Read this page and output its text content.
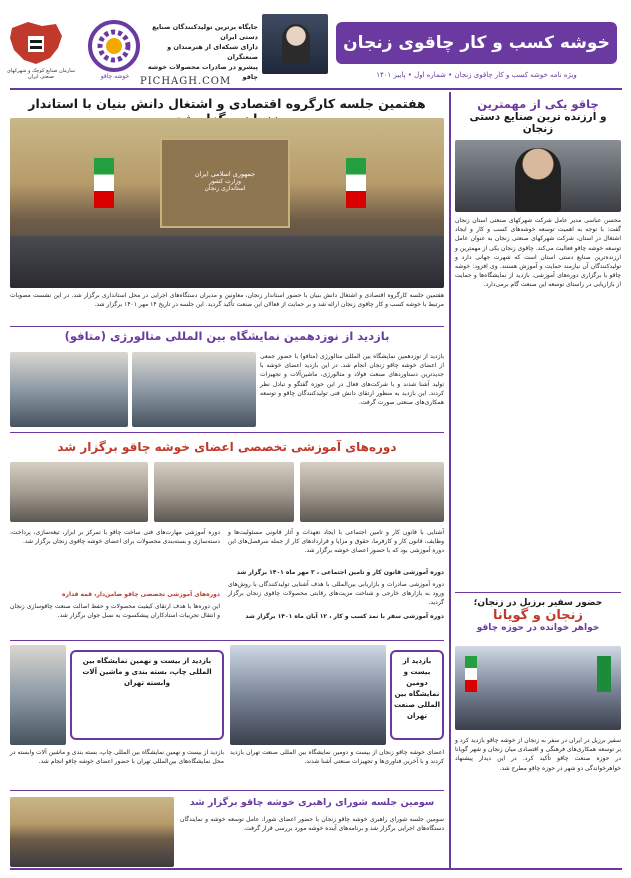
خوشه کسب و کار چاقوی زنجان
ویژه نامه خوشه کسب و کار چاقوی زنجان • شماره اول • پاییز ۱۴۰۱
جایگاه برترین تولیدکنندگان صنایع دستی ایران
دارای شبکه‌ای از هنرمندان و صنعتگران
پیشرو در صادرات محصولات خوشه چاقو
خوشه چاقو
سازمان صنایع کوچک و شهرکهای صنعتی ایران	PICHAGH.COM
هفتمین جلسه کارگروه اقتصادی و اشتغال دانش بنیان با استاندار
جمهوری اسلامی ایران
وزارت کشور
استانداری زنجان
هفتمین جلسه کارگروه اقتصادی و اشتغال دانش بنیان با حضور استاندار زنجان، معاونین و مدیران دستگاه‌های اجرایی در محل استانداری برگزار شد. در این نشست مصوبات مرتبط با خوشه کسب و کار چاقوی زنجان ارائه شد و بر حمایت از فعالان این صنعت تأکید گردید. این جلسه در تاریخ ۱۴ مهر ۱۴۰۱ برگزار شد.
بازدید از نوزدهمین نمایشگاه بین المللی متالورژی (متافو)
بازدید از نوزدهمین نمایشگاه بین المللی متالورژی (متافو) با حضور جمعی از اعضای خوشه چاقو زنجان انجام شد. در این بازدید اعضای خوشه با جدیدترین دستاوردهای صنعت فولاد و متالورژی، ماشین‌آلات و تجهیزات تولید آشنا شدند و با شرکت‌های فعال در این حوزه گفتگو و تبادل نظر کردند. این بازدید به منظور ارتقای دانش فنی تولیدکنندگان چاقو و توسعه همکاری‌های صنعتی صورت گرفت.
دوره‌های آموزشی تخصصی اعضای خوشه چاقو برگزار شد
آشنایی با قانون کار و تامین اجتماعی با ایجاد تعهدات و آثار قانونی مسئولیت‌ها و وظایف، قانون کار و کارفرما، حقوق و مزایا و قراردادهای کار از جمله سرفصل‌های این دوره آموزشی بود که با حضور اعضای خوشه برگزار شد.
دوره آموزشی قانون کار و تامین اجتماعی ، ۳ مهر ماه ۱۴۰۱ برگزار شد
دوره آموزشی صادرات و بازاریابی بین‌المللی با هدف آشنایی تولیدکنندگان با روش‌های ورود به بازارهای خارجی و شناخت مزیت‌های رقابتی محصولات چاقوی زنجان برگزار گردید.
دوره آموزشی سفر با نمد کسب و کار ، ۱۲ آبان ماه ۱۴۰۱ برگزار شد
دوره آموزشی مهارت‌های فنی ساخت چاقو با تمرکز بر ابزار، تیغه‌سازی، پرداخت، دسته‌سازی و بسته‌بندی محصولات برای اعضای خوشه چاقوی زنجان برگزار شد.
دوره‌های آموزشی تخصصی چاقو ضامن‌دار، قمه قداره
این دوره‌ها با هدف ارتقای کیفیت محصولات و حفظ اصالت صنعت چاقوسازی زنجان و انتقال تجربیات استادکاران پیشکسوت به نسل جوان برگزار شد.
بازدید از بیست و دومین نمایشگاه بین المللی صنعت تهران
اعضای خوشه چاقو زنجان از بیست و دومین نمایشگاه بین المللی صنعت تهران بازدید کردند و با آخرین فناوری‌ها و تجهیزات صنعتی آشنا شدند.
بازدید از بیست و نهمین نمایشگاه بین المللی چاپ، بسته بندی و ماشین آلات وابسته تهران
بازدید از بیست و نهمین نمایشگاه بین المللی چاپ، بسته بندی و ماشین آلات وابسته در محل نمایشگاه‌های بین‌المللی تهران با حضور اعضای خوشه چاقو انجام شد.
سومین جلسه شورای راهبری خوشه چاقو برگزار شد
سومین جلسه شورای راهبری خوشه چاقو زنجان با حضور اعضای شورا، عامل توسعه خوشه و نمایندگان دستگاه‌های اجرایی برگزار شد و برنامه‌های آینده خوشه مورد بررسی قرار گرفت.
چاقو یکی از مهمترین
و ارزنده ترین صنایع دستی زنجان
محسن عباسی مدیر عامل شرکت شهرکهای صنعتی استان زنجان گفت: با توجه به اهمیت توسعه خوشه‌های کسب و کار و ایجاد اشتغال در استان، شرکت شهرکهای صنعتی زنجان به عنوان عامل توسعه خوشه چاقو فعالیت می‌کند. چاقوی زنجان یکی از مهمترین و ارزنده‌ترین صنایع دستی استان است که شهرت جهانی دارد و تولیدکنندگان آن نیازمند حمایت و آموزش هستند. وی افزود: خوشه چاقو با برگزاری دوره‌های آموزشی، بازدید از نمایشگاه‌ها و حمایت از بازاریابی در راستای توسعه این صنعت گام برمی‌دارد.
حضور سفیر برزیل در زنجان؛
زنجان و گویانا
خواهر خوانده در حوزه چاقو
سفیر برزیل در ایران در سفر به زنجان از خوشه چاقو بازدید کرد و بر توسعه همکاری‌های فرهنگی و اقتصادی میان زنجان و شهر گویانا در حوزه صنعت چاقو تأکید کرد. در این دیدار پیشنهاد خواهرخواندگی دو شهر در حوزه چاقو مطرح شد.
